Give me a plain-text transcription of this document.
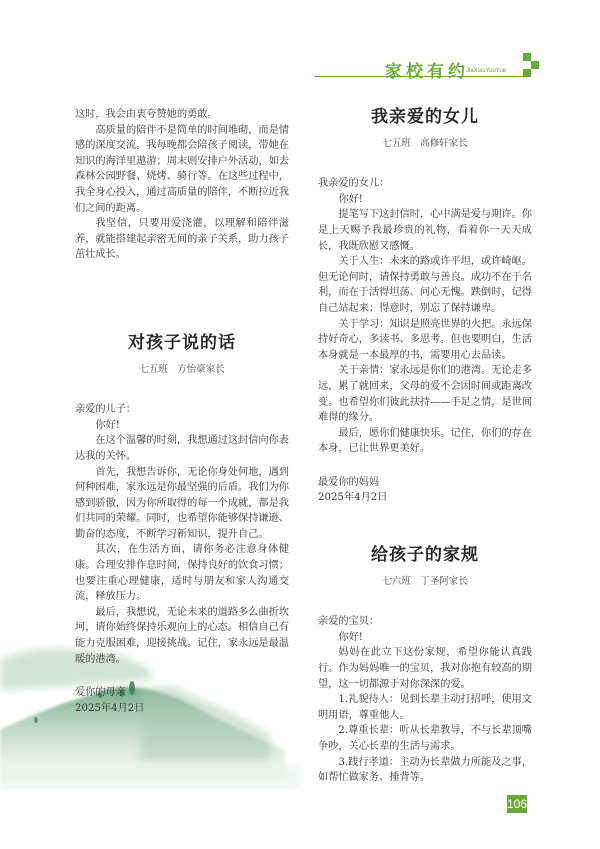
家校有约
JiaXiaoYouYue

这时，我会由衷夸赞她的勇敢。

高质量的陪伴不是简单的时间堆砌，而是情感的深度交流。我每晚都会陪孩子阅读，带她在知识的海洋里遨游；周末则安排户外活动，如去森林公园野餐、烧烤、骑行等。在这些过程中，我全身心投入，通过高质量的陪伴，不断拉近我们之间的距离。

我坚信，只要用爱浇灌，以理解和陪伴滋养，就能搭建起亲密无间的亲子关系，助力孩子茁壮成长。

对孩子说的话
七五班　方怡豪家长

亲爱的儿子：

你好!

在这个温馨的时刻，我想通过这封信向你表达我的关怀。

首先，我想告诉你，无论你身处何地，遇到何种困难，家永远是你最坚强的后盾。我们为你感到骄傲，因为你所取得的每一个成就，都是我们共同的荣耀。同时，也希望你能够保持谦逊、勤奋的态度，不断学习新知识，提升自己。

其次，在生活方面，请你务必注意身体健康。合理安排作息时间，保持良好的饮食习惯；也要注重心理健康，适时与朋友和家人沟通交流，释放压力。

最后，我想说，无论未来的道路多么曲折坎坷，请你始终保持乐观向上的心态。相信自己有能力克服困难，迎接挑战。记住，家永远是最温暖的港湾。

爱你的母亲

2025年4月2日

我亲爱的女儿
七五班　高修轩家长

我亲爱的女儿：

你好!

提笔写下这封信时，心中满是爱与期许。你是上天赐予我最珍贵的礼物，看着你一天天成长，我既欣慰又感慨。

关于人生：未来的路或许平坦，或许崎岖。但无论何时，请保持勇敢与善良。成功不在于名利，而在于活得坦荡、问心无愧。跌倒时，记得自己站起来；得意时，别忘了保持谦卑。

关于学习：知识是照亮世界的火把。永远保持好奇心，多读书、多思考。但也要明白，生活本身就是一本最厚的书，需要用心去品读。

关于亲情：家永远是你们的港湾。无论走多远，累了就回来，父母的爱不会因时间或距离改变。也希望你们彼此扶持——手足之情，是世间难得的缘分。

最后，愿你们健康快乐。记住，你们的存在本身，已让世界更美好。

最爱你的妈妈

2025年4月2日

给孩子的家规
七六班　丁圣阿家长

亲爱的宝贝：

你好!

妈妈在此立下这份家规，希望你能认真践行。作为妈妈唯一的宝贝，我对你抱有较高的期望，这一切都源于对你深深的爱。

1.礼貌待人：见到长辈主动打招呼，使用文明用语，尊重他人。

2.尊重长辈：听从长辈教导，不与长辈顶嘴争吵，关心长辈的生活与需求。

3.践行孝道：主动为长辈做力所能及之事，如帮忙做家务、捶背等。

106
